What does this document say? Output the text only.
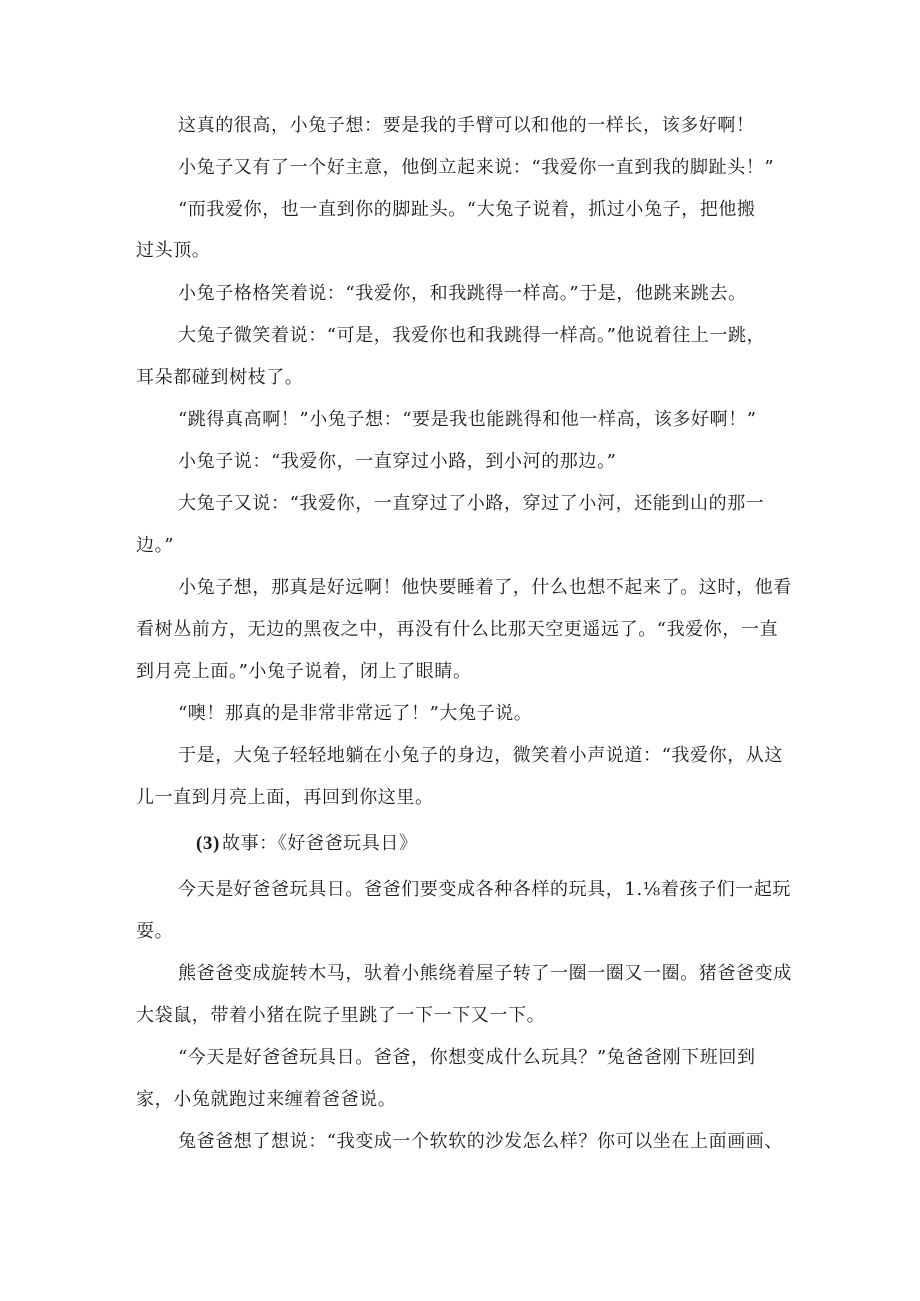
这真的很高，小兔子想：要是我的手臂可以和他的一样长，该多好啊！

小兔子又有了一个好主意，他倒立起来说：“我爱你一直到我的脚趾头！”

“而我爱你，也一直到你的脚趾头。“大兔子说着，抓过小兔子，把他搬

过头顶。

小兔子格格笑着说：“我爱你，和我跳得一样高。”于是，他跳来跳去。

大兔子微笑着说：“可是，我爱你也和我跳得一样高。”他说着往上一跳，

耳朵都碰到树枝了。

“跳得真高啊！”小兔子想：“要是我也能跳得和他一样高，该多好啊！”

小兔子说：“我爱你，一直穿过小路，到小河的那边。”

大兔子又说：“我爱你，一直穿过了小路，穿过了小河，还能到山的那一

边。”

小兔子想，那真是好远啊！他快要睡着了，什么也想不起来了。这时，他看

看树丛前方，无边的黑夜之中，再没有什么比那天空更遥远了。“我爱你，一直

到月亮上面。”小兔子说着，闭上了眼睛。

“噢！那真的是非常非常远了！”大兔子说。

于是，大兔子轻轻地躺在小兔子的身边，微笑着小声说道：“我爱你，从这

儿一直到月亮上面，再回到你这里。

(3) 故事：《好爸爸玩具日》

今天是好爸爸玩具日。爸爸们要变成各种各样的玩具，1.⅛着孩子们一起玩

耍。

熊爸爸变成旋转木马，驮着小熊绕着屋子转了一圈一圈又一圈。猪爸爸变成

大袋鼠，带着小猪在院子里跳了一下一下又一下。

“今天是好爸爸玩具日。爸爸，你想变成什么玩具？”兔爸爸刚下班回到

家，小兔就跑过来缠着爸爸说。

兔爸爸想了想说：“我变成一个软软的沙发怎么样？你可以坐在上面画画、
